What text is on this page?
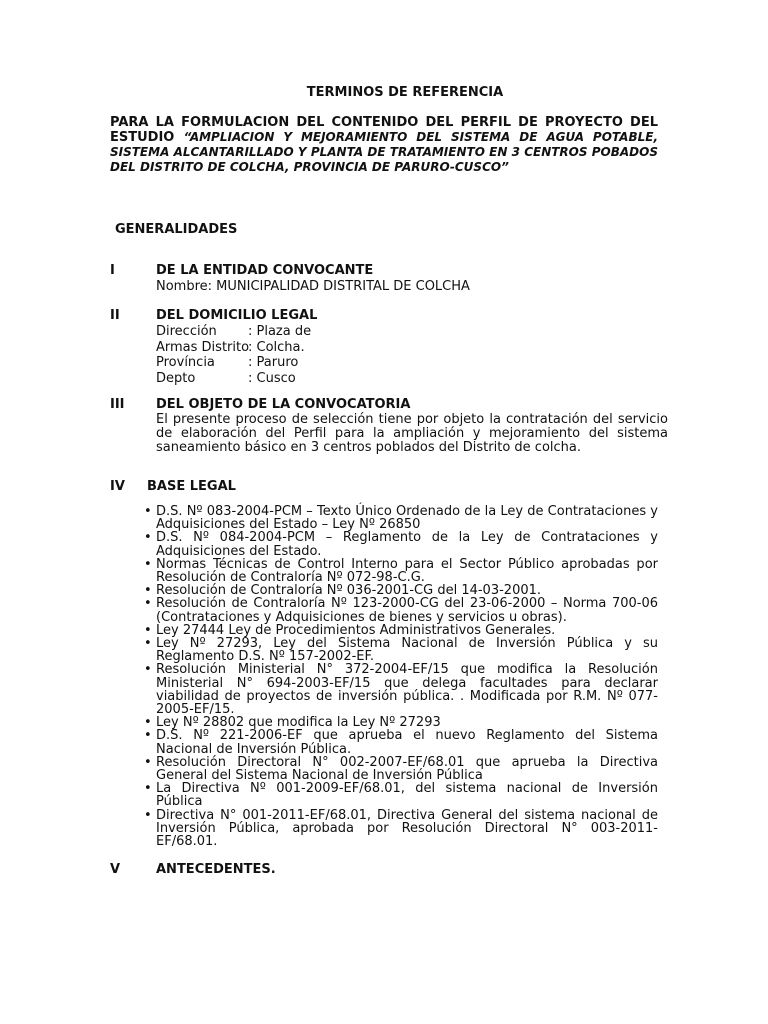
TERMINOS DE REFERENCIA
PARA LA FORMULACION DEL CONTENIDO DEL PERFIL DE PROYECTO DEL ESTUDIO “AMPLIACION Y MEJORAMIENTO DEL SISTEMA DE AGUA POTABLE, SISTEMA ALCANTARILLADO Y PLANTA DE TRATAMIENTO EN 3 CENTROS POBADOS DEL DISTRITO DE COLCHA, PROVINCIA DE PARURO-CUSCO”
GENERALIDADES
I	DE LA ENTIDAD CONVOCANTE
Nombre: MUNICIPALIDAD DISTRITAL DE COLCHA
II	DEL DOMICILIO LEGAL
Dirección : Plaza de
Armas Distrito: Colcha.
Província	: Paruro
Depto	: Cusco
III DEL OBJETO DE LA CONVOCATORIA
El presente proceso de selección tiene por objeto la contratación del servicio de elaboración del Perfil para la ampliación y mejoramiento del sistema saneamiento básico en 3 centros poblados del Distrito de colcha.
IV BASE LEGAL
• D.S. Nº 083-2004-PCM – Texto Único Ordenado de la Ley de Contrataciones y Adquisiciones del Estado – Ley Nº 26850
• D.S. Nº 084-2004-PCM – Reglamento de la Ley de Contrataciones y Adquisiciones del Estado.
• Normas Técnicas de Control Interno para el Sector Público aprobadas por Resolución de Contraloría Nº 072-98-C.G.
• Resolución de Contraloría Nº 036-2001-CG del 14-03-2001.
• Resolución de Contraloría Nº 123-2000-CG del 23-06-2000 – Norma 700-06 (Contrataciones y Adquisiciones de bienes y servicios u obras).
• Ley 27444 Ley de Procedimientos Administrativos Generales.
• Ley Nº 27293, Ley del Sistema Nacional de Inversión Pública y su Reglamento D.S. Nº 157-2002-EF.
• Resolución Ministerial N° 372-2004-EF/15 que modifica la Resolución Ministerial N° 694-2003-EF/15 que delega facultades para declarar viabilidad de proyectos de inversión pública. . Modificada por R.M. Nº 077-2005-EF/15.
• Ley Nº 28802 que modifica la Ley Nº 27293
• D.S. Nº 221-2006-EF que aprueba el nuevo Reglamento del Sistema Nacional de Inversión Pública.
• Resolución Directoral N° 002-2007-EF/68.01 que aprueba la Directiva General del Sistema Nacional de Inversión Pública
• La Directiva Nº 001-2009-EF/68.01, del sistema nacional de Inversión Pública
• Directiva N° 001-2011-EF/68.01, Directiva General del sistema nacional de Inversión Pública, aprobada por Resolución Directoral N° 003-2011- EF/68.01.
V	ANTECEDENTES.
